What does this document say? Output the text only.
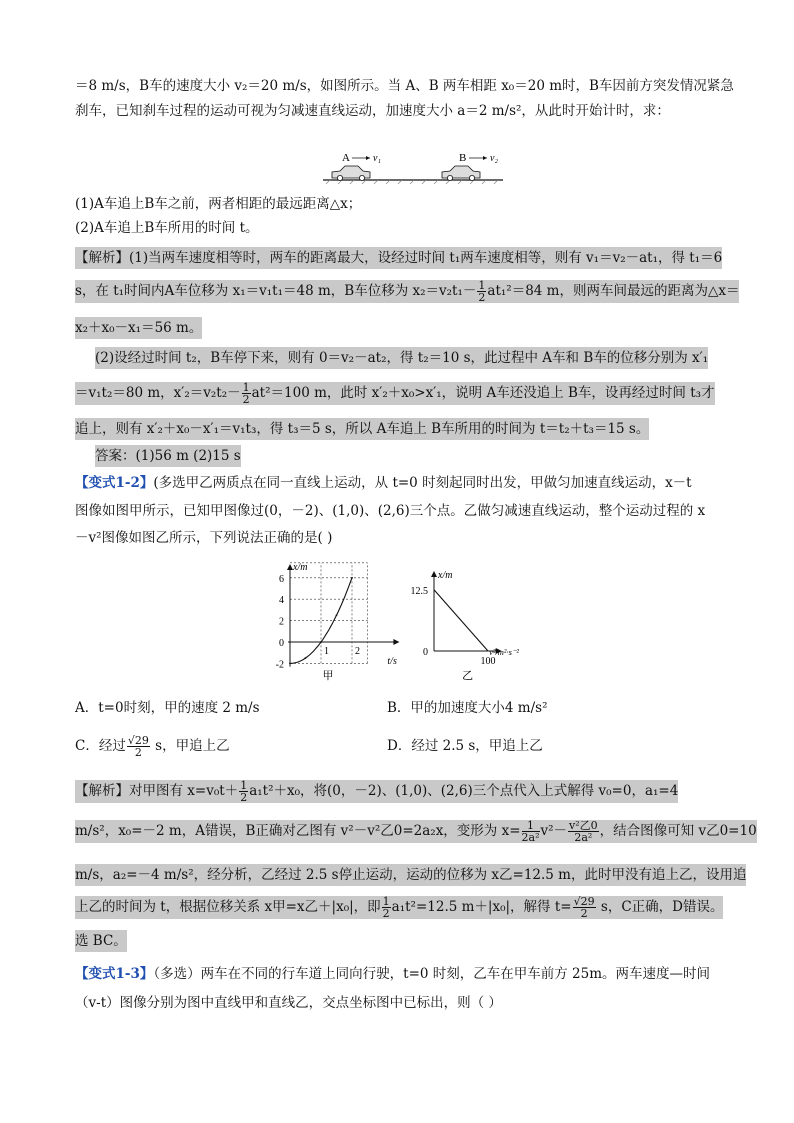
＝8 m/s，B车的速度大小 v₂＝20 m/s，如图所示。当 A、B 两车相距 x₀＝20 m时，B车因前方突发情况紧急
刹车，已知刹车过程的运动可视为匀减速直线运动，加速度大小 a＝2 m/s²，从此时开始计时，求：
A v₁	B v₂
(1)A车追上B车之前，两者相距的最远距离△x；
(2)A车追上B车所用的时间 t。
【解析】(1)当两车速度相等时，两车的距离最大，设经过时间 t₁两车速度相等，则有 v₁＝v₂－at₁，得 t₁＝6
s，在 t₁时间内A车位移为 x₁＝v₁t₁＝48 m，B车位移为 $x_2=v_2t_1- \frac{1}{2} at_1^2=84$ m，则两车间最远的距离为△x＝
x₂＋x₀－x₁＝56 m。
(2)设经过时间 t₂，B车停下来，则有 0＝v₂－at₂，得 t₂＝10 s，此过程中 A车和 B车的位移分别为 x′₁
＝v₁t₂＝80 m，$x'_2=v_2t_2- \frac{1}{2} at^2=100$ m，此时 x′₂＋x₀>x′₁，说明 A车还没追上 B车，设再经过时间 t₃才
追上，则有 x′₂＋x₀－x′₁＝v₁t₃，得 t₃＝5 s，所以 A车追上 B车所用的时间为 t＝t₂＋t₃＝15 s。
答案：(1)56 m (2)15 s
【变式1-2】(多选甲乙两质点在同一直线上运动，从 t=0 时刻起同时出发，甲做匀加速直线运动，x－t
图像如图甲所示，已知甲图像过(0，－2)、(1,0)、(2,6)三个点。乙做匀减速直线运动，整个运动过程的 x
－v²图像如图乙所示，下列说法正确的是( )
x/m
t/s
-2
0
2
4
6
1	2
甲
x/m
v²/m²·s⁻²
12.5
0
100
乙
A．t=0时刻，甲的速度 2 m/s	B．甲的加速度大小4 m/s²
C．经过 $\frac{√29}{2}$ s，甲追上乙	D．经过 2.5 s，甲追上乙
【解析】对甲图有 $x=v_0t+ \frac{1}{2} a_1t^2+x_0$，将(0，－2)、(1,0)、(2,6)三个点代入上式解得 v₀=0，a₁=4
m/s²，x₀=－2 m，A错误，B正确对乙图有 v²－v²乙0=2a₂x，变形为 $x= \frac{1}{\text{2a²}} v^2- \frac{\text{v²乙0}}{\text{2a²}}$ ，结合图像可知 v乙0=10
m/s，a₂=－4 m/s²，经分析，乙经过 2.5 s停止运动，运动的位移为 x乙=12.5 m，此时甲没有追上乙，设用追
上乙的时间为 t，根据位移关系 x甲=x乙＋|x₀|，即 $\frac{1}{2} a_1t^2=12.5$ m＋|x₀|，解得 $t= \frac{√29}{2}$ s，C正确，D错误。
选 BC。
【变式1-3】（多选）两车在不同的行车道上同向行驶，t=0 时刻，乙车在甲车前方 25m。两车速度—时间
（v-t）图像分别为图中直线甲和直线乙，交点坐标图中已标出，则（ ）
